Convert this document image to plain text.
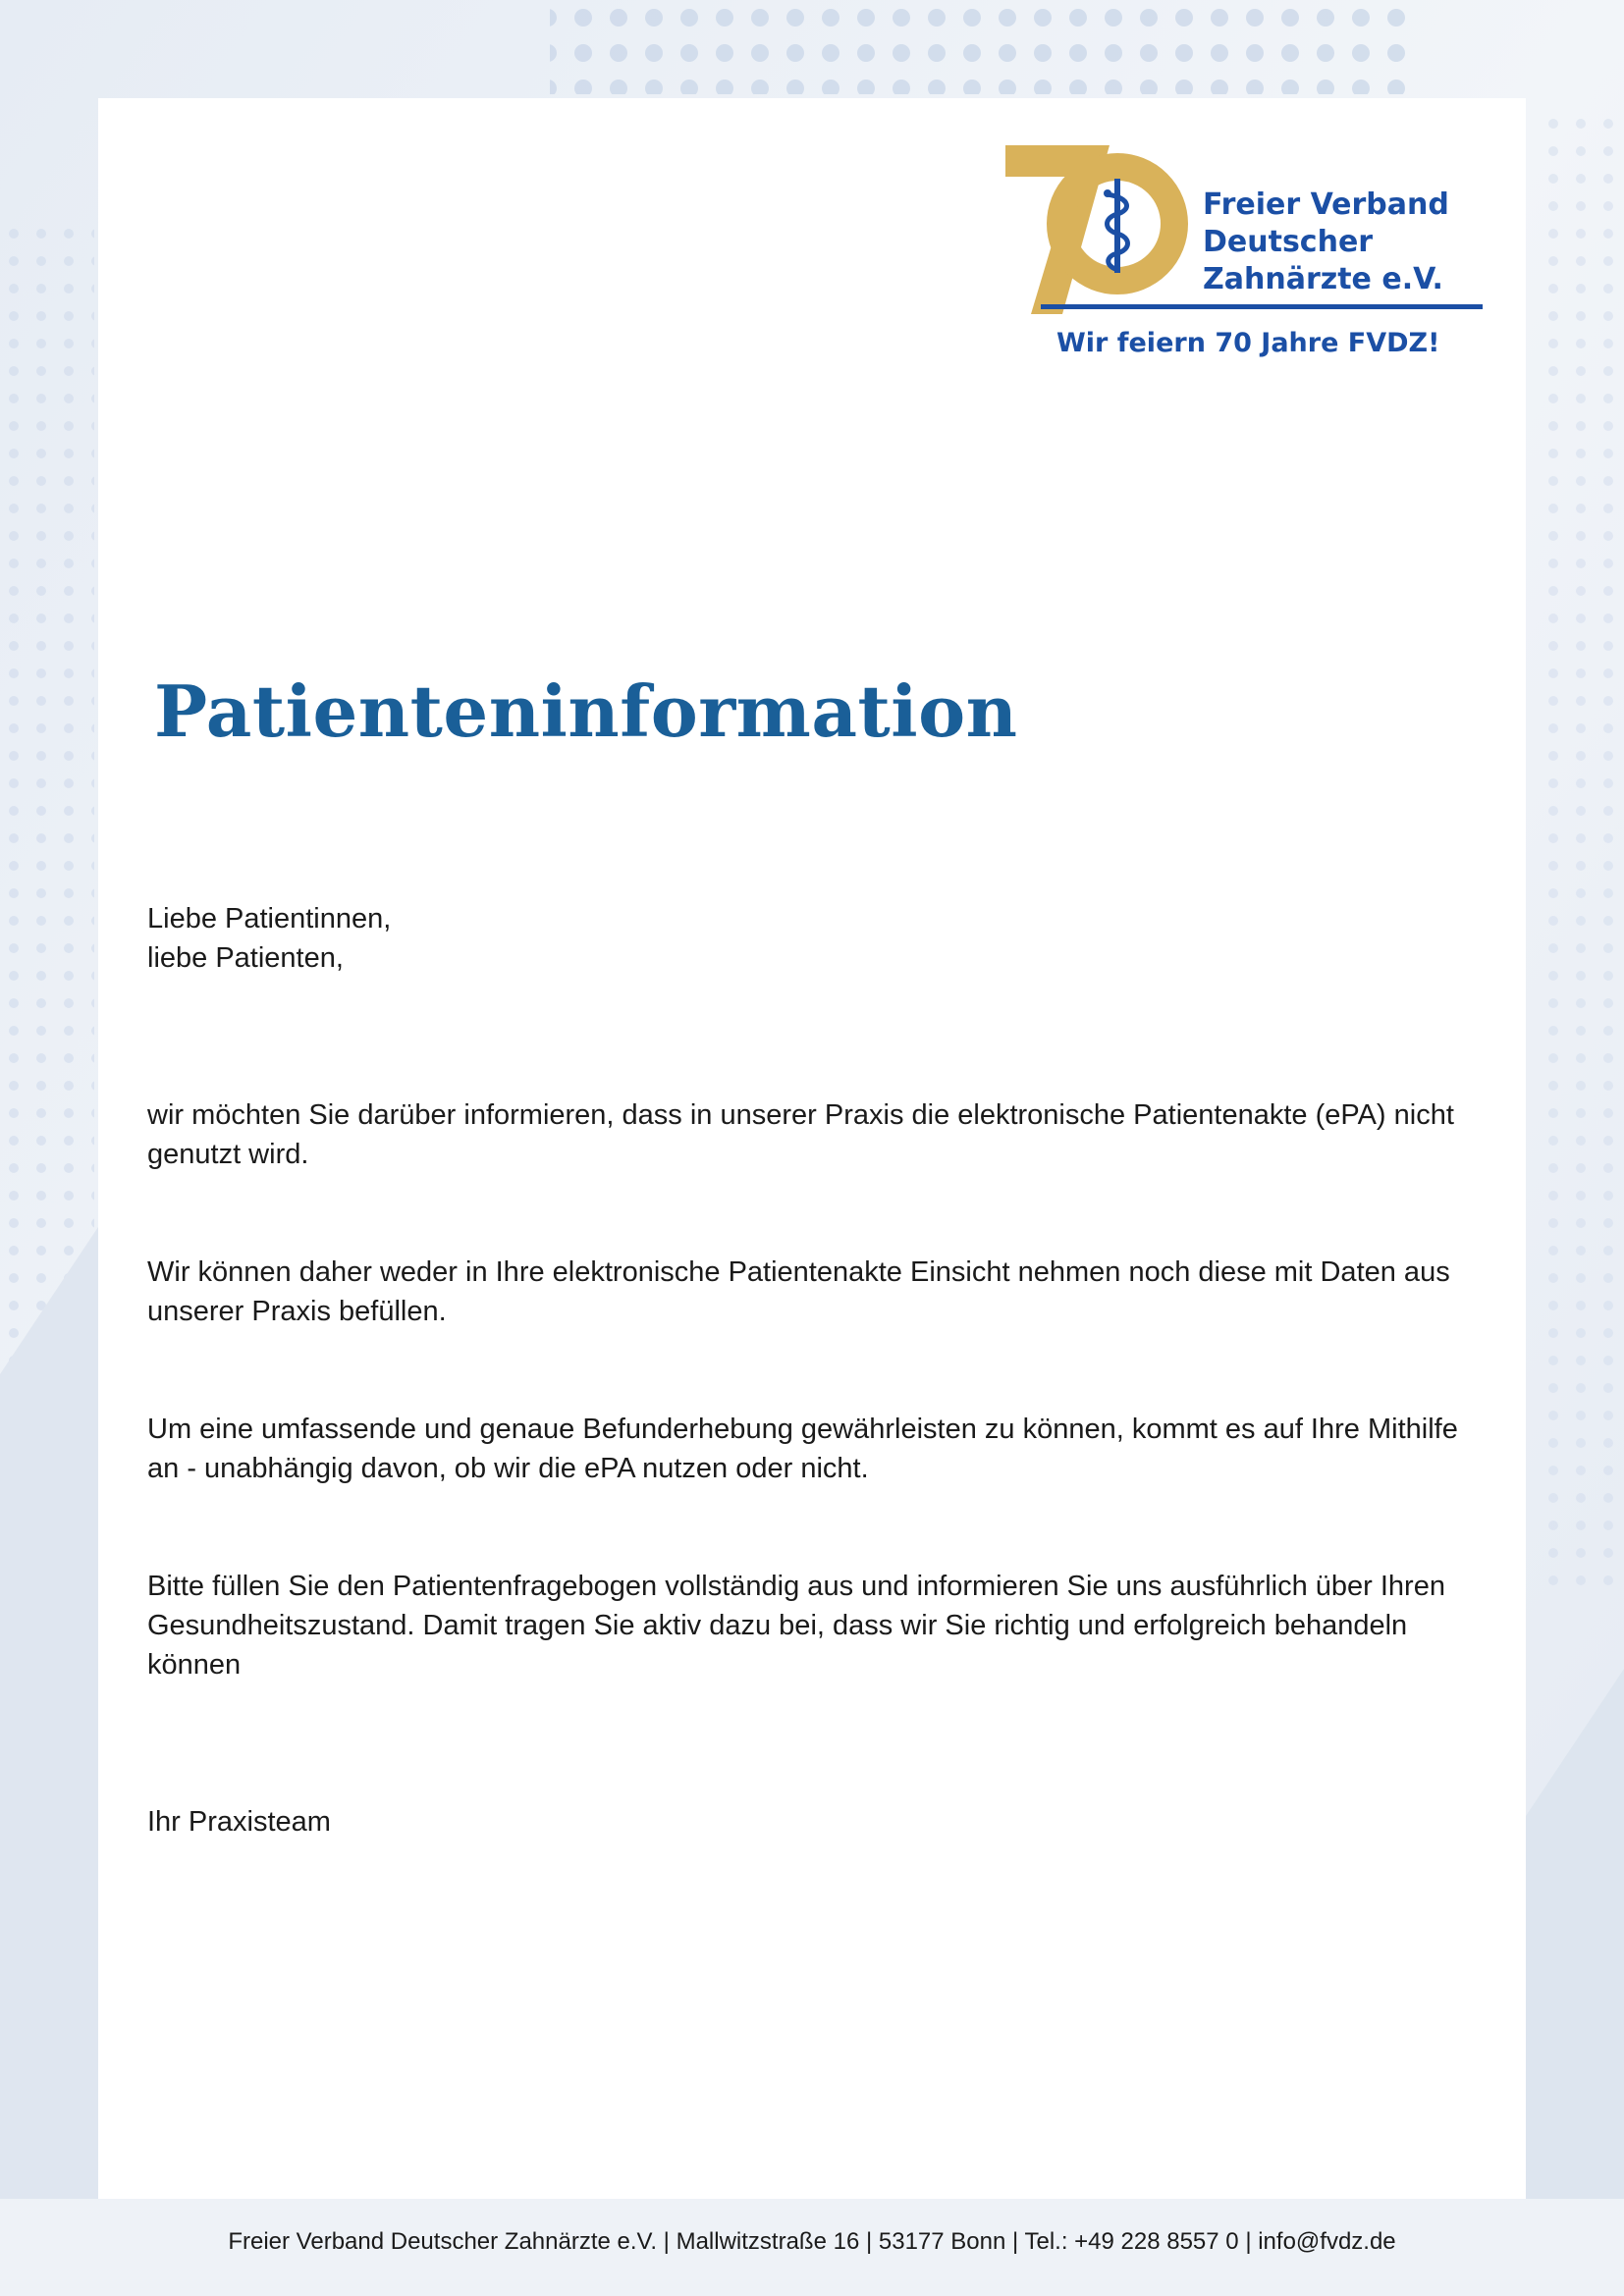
Freier Verband
Deutscher
Zahnärzte e.V.

Wir feiern 70 Jahre FVDZ!

Patienteninformation

Liebe Patientinnen,
liebe Patienten,

wir möchten Sie darüber informieren, dass in unserer Praxis die elektronische Patientenakte (ePA) nicht genutzt wird.

Wir können daher weder in Ihre elektronische Patientenakte Einsicht nehmen noch diese mit Daten aus unserer Praxis befüllen.

Um eine umfassende und genaue Befunderhebung gewährleisten zu können, kommt es auf Ihre Mithilfe an - unabhängig davon, ob wir die ePA nutzen oder nicht.

Bitte füllen Sie den Patientenfragebogen vollständig aus und informieren Sie uns ausführlich über Ihren Gesundheitszustand. Damit tragen Sie aktiv dazu bei, dass wir Sie richtig und erfolgreich behandeln können

Ihr Praxisteam

Freier Verband Deutscher Zahnärzte e.V. | Mallwitzstraße 16 | 53177 Bonn | Tel.: +49 228 8557 0 | info@fvdz.de
